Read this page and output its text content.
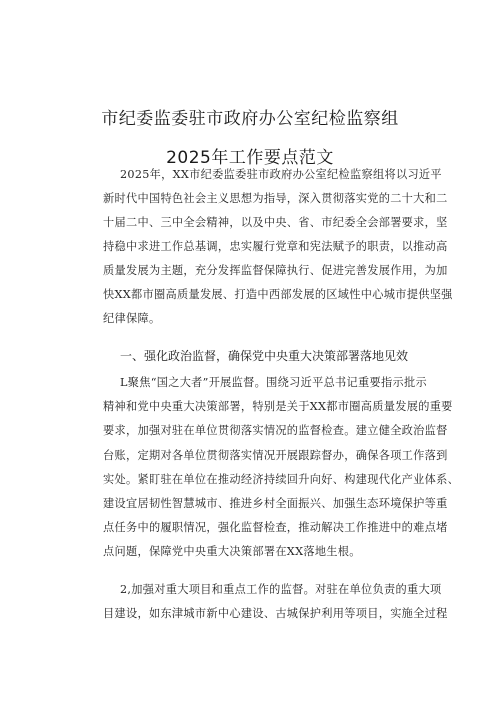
市纪委监委驻市政府办公室纪检监察组
2025年工作要点范文
2025年，XX市纪委监委驻市政府办公室纪检监察组将以习近平
新时代中国特色社会主义思想为指导，深入贯彻落实党的二十大和二
十届二中、三中全会精神，以及中央、省、市纪委全会部署要求，坚
持稳中求进工作总基调，忠实履行党章和宪法赋予的职责，以推动高
质量发展为主题，充分发挥监督保障执行、促进完善发展作用，为加
快XX都市圈高质量发展、打造中西部发展的区域性中心城市提供坚强
纪律保障。
一、强化政治监督，确保党中央重大决策部署落地见效
L聚焦“国之大者”开展监督。围绕习近平总书记重要指示批示
精神和党中央重大决策部署，特别是关于XX都市圈高质量发展的重要
要求，加强对驻在单位贯彻落实情况的监督检查。建立健全政治监督
台账，定期对各单位贯彻落实情况开展跟踪督办，确保各项工作落到
实处。紧盯驻在单位在推动经济持续回升向好、构建现代化产业体系、
建设宜居韧性智慧城市、推进乡村全面振兴、加强生态环境保护等重
点任务中的履职情况，强化监督检查，推动解决工作推进中的难点堵
点问题，保障党中央重大决策部署在XX落地生根。
2,加强对重大项目和重点工作的监督。对驻在单位负责的重大项
目建设，如东津城市新中心建设、古城保护利用等项目，实施全过程
